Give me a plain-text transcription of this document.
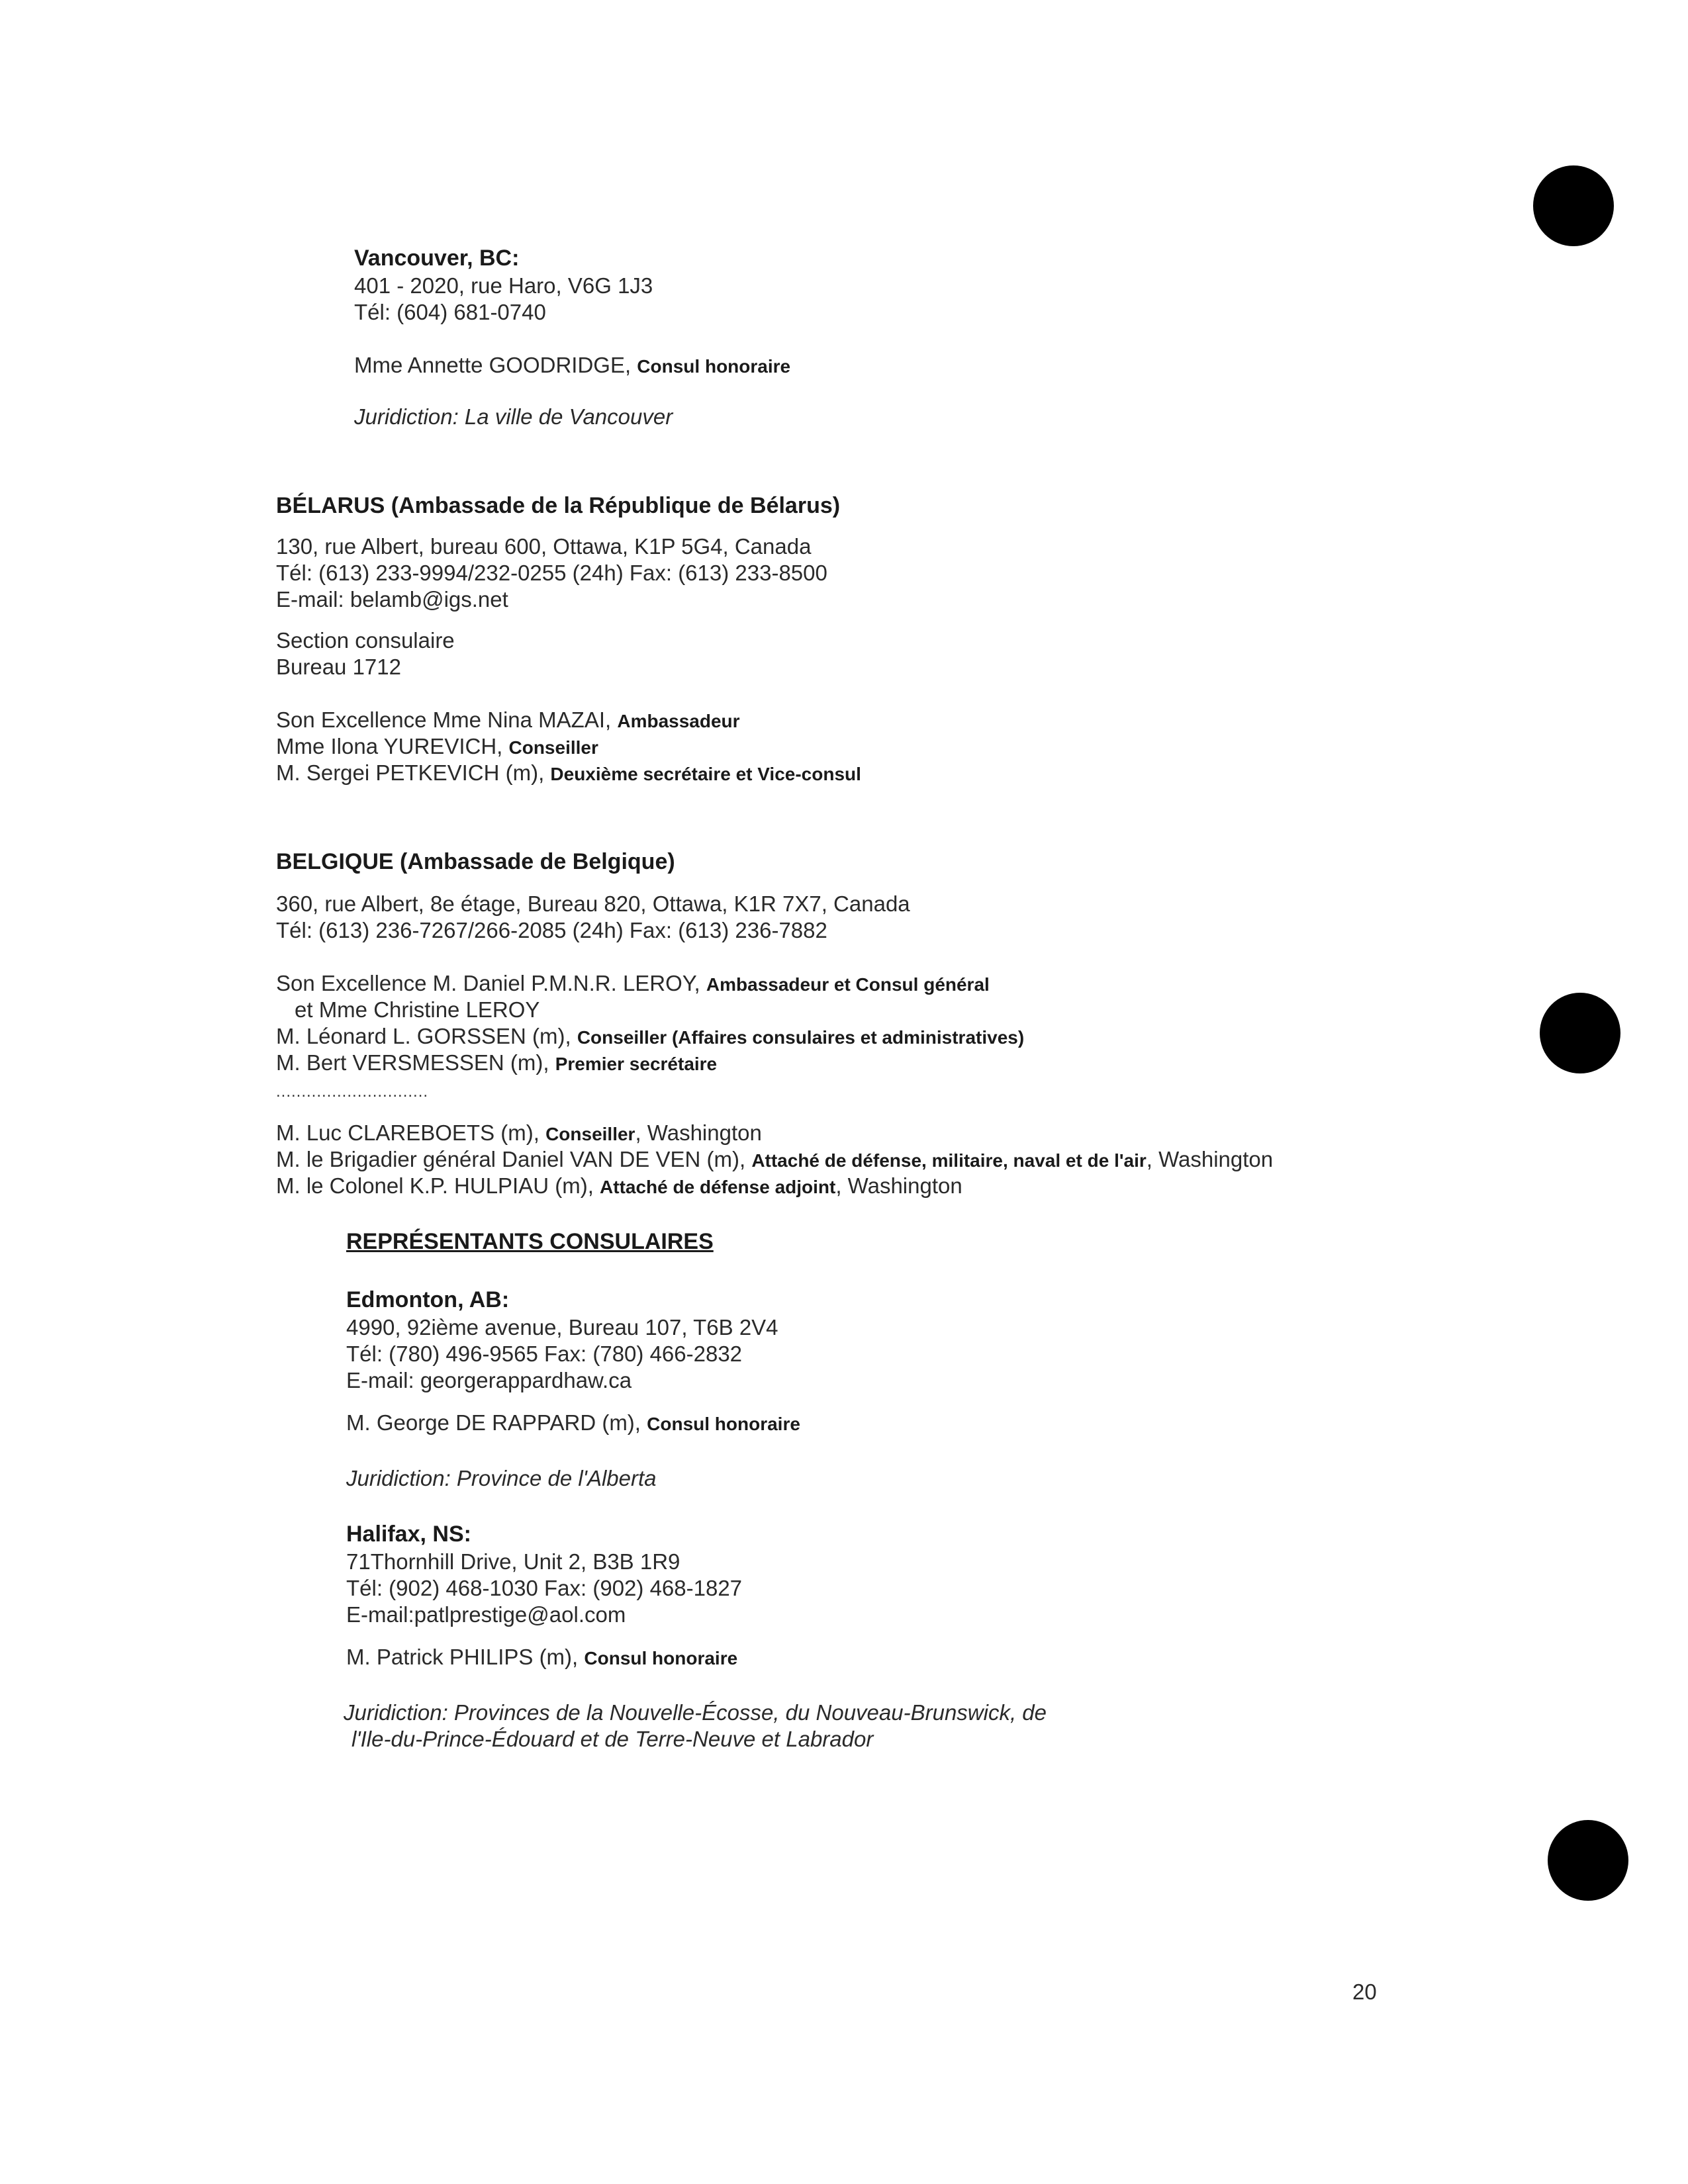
Vancouver, BC:
401 - 2020, rue Haro, V6G 1J3
Tél: (604) 681-0740
Mme Annette GOODRIDGE, Consul honoraire
Juridiction: La ville de Vancouver
BÉLARUS (Ambassade de la République de Bélarus)
130, rue Albert, bureau 600, Ottawa, K1P 5G4, Canada
Tél: (613) 233-9994/232-0255 (24h) Fax: (613) 233-8500
E-mail: belamb@igs.net
Section consulaire
Bureau 1712
Son Excellence Mme Nina MAZAI, Ambassadeur
Mme Ilona YUREVICH, Conseiller
M. Sergei PETKEVICH (m), Deuxième secrétaire et Vice-consul
BELGIQUE (Ambassade de Belgique)
360, rue Albert, 8e étage, Bureau 820, Ottawa, K1R 7X7, Canada
Tél: (613) 236-7267/266-2085 (24h) Fax: (613) 236-7882
Son Excellence M. Daniel P.M.N.R. LEROY, Ambassadeur et Consul général
et Mme Christine LEROY
M. Léonard L. GORSSEN (m), Conseiller (Affaires consulaires et administratives)
M. Bert VERSMESSEN (m), Premier secrétaire
..............................
M. Luc CLAREBOETS (m), Conseiller, Washington
M. le Brigadier général Daniel VAN DE VEN (m), Attaché de défense, militaire, naval et de l'air, Washington
M. le Colonel K.P. HULPIAU (m), Attaché de défense adjoint, Washington
REPRÉSENTANTS CONSULAIRES
Edmonton, AB:
4990, 92ième avenue, Bureau 107, T6B 2V4
Tél: (780) 496-9565 Fax: (780) 466-2832
E-mail: georgerappardhaw.ca
M. George DE RAPPARD (m), Consul honoraire
Juridiction: Province de l'Alberta
Halifax, NS:
71Thornhill Drive, Unit 2, B3B 1R9
Tél: (902) 468-1030 Fax: (902) 468-1827
E-mail:patlprestige@aol.com
M. Patrick PHILIPS (m), Consul honoraire
Juridiction: Provinces de la Nouvelle-Écosse, du Nouveau-Brunswick, de
l'Ile-du-Prince-Édouard et de Terre-Neuve et Labrador
20
